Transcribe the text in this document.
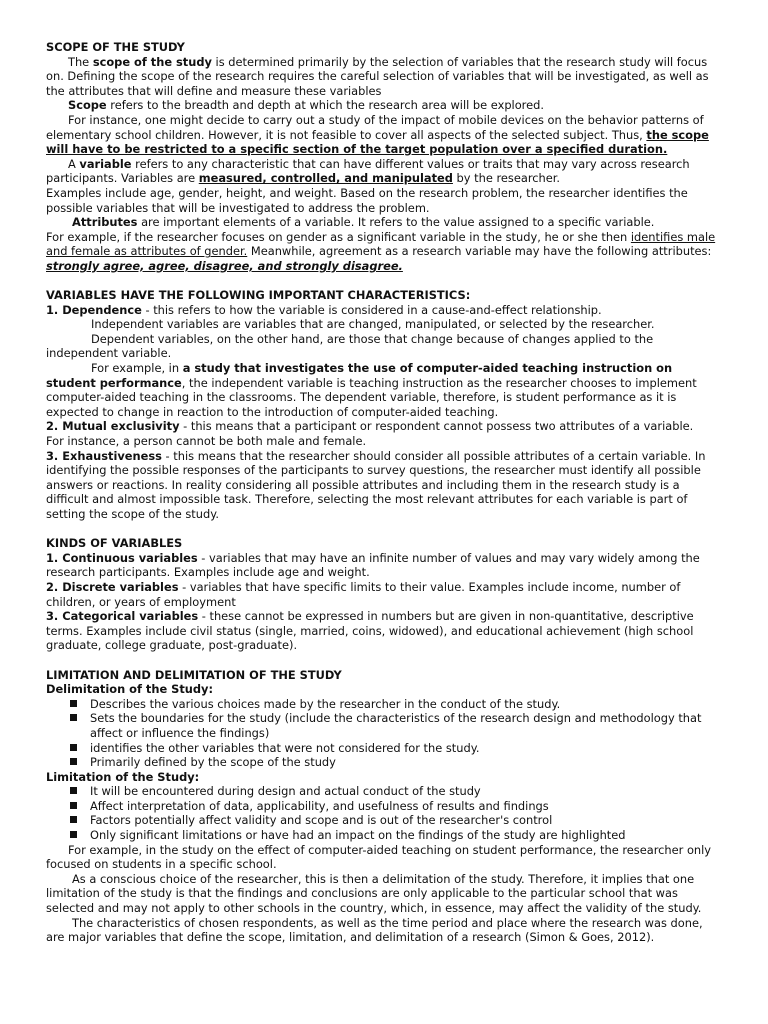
SCOPE OF THE STUDY

The scope of the study is determined primarily by the selection of variables that the research study will focus on. Defining the scope of the research requires the careful selection of variables that will be investigated, as well as the attributes that will define and measure these variables

Scope refers to the breadth and depth at which the research area will be explored.

For instance, one might decide to carry out a study of the impact of mobile devices on the behavior patterns of elementary school children. However, it is not feasible to cover all aspects of the selected subject. Thus, the scope will have to be restricted to a specific section of the target population over a specified duration.

A variable refers to any characteristic that can have different values or traits that may vary across research participants. Variables are measured, controlled, and manipulated by the researcher.

Examples include age, gender, height, and weight. Based on the research problem, the researcher identifies the possible variables that will be investigated to address the problem.

Attributes are important elements of a variable. It refers to the value assigned to a specific variable.

For example, if the researcher focuses on gender as a significant variable in the study, he or she then identifies male and female as attributes of gender. Meanwhile, agreement as a research variable may have the following attributes: strongly agree, agree, disagree, and strongly disagree.

VARIABLES HAVE THE FOLLOWING IMPORTANT CHARACTERISTICS:

1. Dependence - this refers to how the variable is considered in a cause-and-effect relationship.

Independent variables are variables that are changed, manipulated, or selected by the researcher.

Dependent variables, on the other hand, are those that change because of changes applied to the independent variable.

For example, in a study that investigates the use of computer-aided teaching instruction on student performance, the independent variable is teaching instruction as the researcher chooses to implement computer-aided teaching in the classrooms. The dependent variable, therefore, is student performance as it is expected to change in reaction to the introduction of computer-aided teaching.

2. Mutual exclusivity - this means that a participant or respondent cannot possess two attributes of a variable.

For instance, a person cannot be both male and female.

3. Exhaustiveness - this means that the researcher should consider all possible attributes of a certain variable. In identifying the possible responses of the participants to survey questions, the researcher must identify all possible answers or reactions. In reality considering all possible attributes and including them in the research study is a difficult and almost impossible task. Therefore, selecting the most relevant attributes for each variable is part of setting the scope of the study.

KINDS OF VARIABLES

1. Continuous variables - variables that may have an infinite number of values and may vary widely among the research participants. Examples include age and weight.

2. Discrete variables - variables that have specific limits to their value. Examples include income, number of children, or years of employment

3. Categorical variables - these cannot be expressed in numbers but are given in non-quantitative, descriptive terms. Examples include civil status (single, married, coins, widowed), and educational achievement (high school graduate, college graduate, post-graduate).

LIMITATION AND DELIMITATION OF THE STUDY

Delimitation of the Study:

Describes the various choices made by the researcher in the conduct of the study.
Sets the boundaries for the study (include the characteristics of the research design and methodology that affect or influence the findings)
identifies the other variables that were not considered for the study.
Primarily defined by the scope of the study

Limitation of the Study:

It will be encountered during design and actual conduct of the study
Affect interpretation of data, applicability, and usefulness of results and findings
Factors potentially affect validity and scope and is out of the researcher's control
Only significant limitations or have had an impact on the findings of the study are highlighted

For example, in the study on the effect of computer-aided teaching on student performance, the researcher only focused on students in a specific school.

As a conscious choice of the researcher, this is then a delimitation of the study. Therefore, it implies that one limitation of the study is that the findings and conclusions are only applicable to the particular school that was selected and may not apply to other schools in the country, which, in essence, may affect the validity of the study.

The characteristics of chosen respondents, as well as the time period and place where the research was done, are major variables that define the scope, limitation, and delimitation of a research (Simon & Goes, 2012).
